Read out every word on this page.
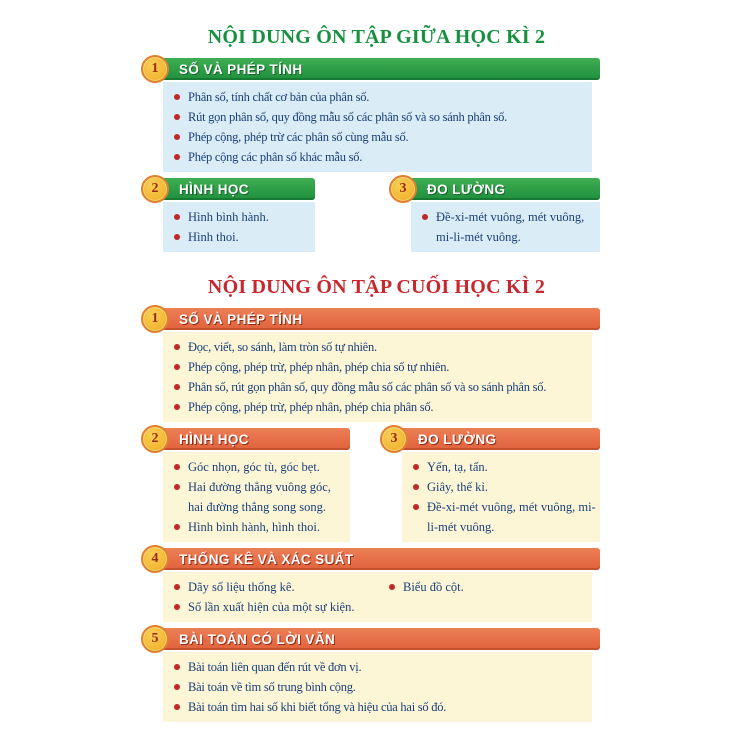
NỘI DUNG ÔN TẬP GIỮA HỌC KÌ 2
1	SỐ VÀ PHÉP TÍNH
Phân số, tính chất cơ bản của phân số.
Rút gọn phân số, quy đồng mẫu số các phân số và so sánh phân số.
Phép cộng, phép trừ các phân số cùng mẫu số.
Phép cộng các phân số khác mẫu số.
2	HÌNH HỌC
Hình bình hành.
Hình thoi.
3	ĐO LƯỜNG
Đề-xi-mét vuông, mét vuông, mi-li-mét vuông.
NỘI DUNG ÔN TẬP CUỐI HỌC KÌ 2
1	SỐ VÀ PHÉP TÍNH
Đọc, viết, so sánh, làm tròn số tự nhiên.
Phép cộng, phép trừ, phép nhân, phép chia số tự nhiên.
Phân số, rút gọn phân số, quy đồng mẫu số các phân số và so sánh phân số.
Phép cộng, phép trừ, phép nhân, phép chia phân số.
2	HÌNH HỌC
Góc nhọn, góc tù, góc bẹt.
Hai đường thẳng vuông góc, hai đường thẳng song song.
Hình bình hành, hình thoi.
3	ĐO LƯỜNG
Yến, tạ, tấn.
Giây, thế kỉ.
Đề-xi-mét vuông, mét vuông, mi-li-mét vuông.
4	THỐNG KÊ VÀ XÁC SUẤT
Dãy số liệu thống kê.	Biểu đồ cột.
Số lần xuất hiện của một sự kiện.
5	BÀI TOÁN CÓ LỜI VĂN
Bài toán liên quan đến rút về đơn vị.
Bài toán về tìm số trung bình cộng.
Bài toán tìm hai số khi biết tổng và hiệu của hai số đó.
